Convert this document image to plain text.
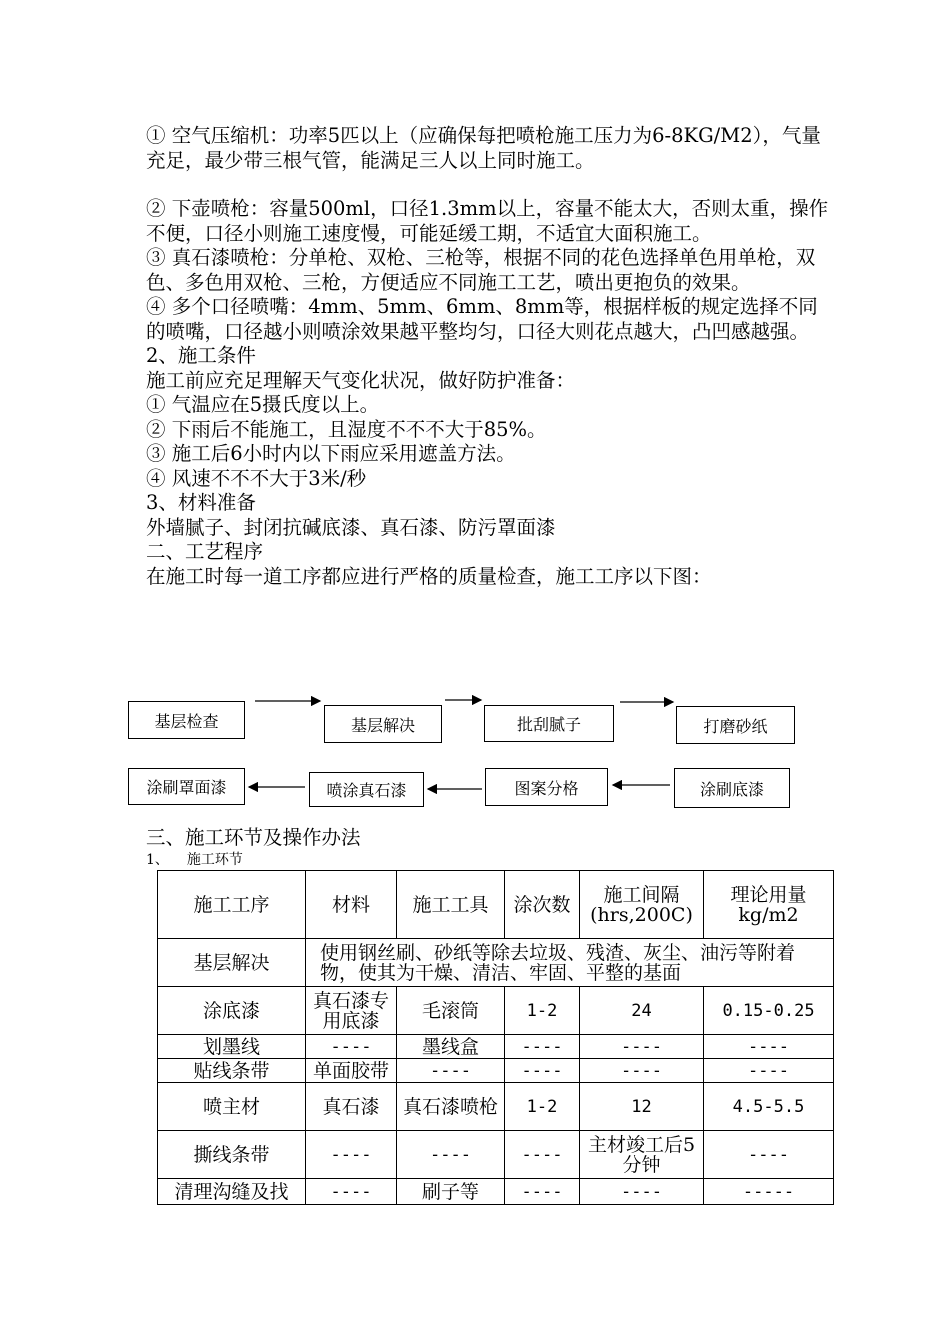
① 空气压缩机：功率5匹以上（应确保每把喷枪施工压力为6-8KG/M2），气量充足，最少带三根气管，能满足三人以上同时施工。

② 下壶喷枪：容量500ml，口径1.3mm以上，容量不能太大，否则太重，操作不便，口径小则施工速度慢，可能延缓工期，不适宜大面积施工。

③ 真石漆喷枪：分单枪、双枪、三枪等，根据不同的花色选择单色用单枪，双色、多色用双枪、三枪，方便适应不同施工工艺，喷出更抱负的效果。

④ 多个口径喷嘴：4mm、5mm、6mm、8mm等，根据样板的规定选择不同的喷嘴，口径越小则喷涂效果越平整均匀，口径大则花点越大，凸凹感越强。

2、施工条件

施工前应充足理解天气变化状况，做好防护准备：

① 气温应在5摄氏度以上。

② 下雨后不能施工，且湿度不不不大于85%。

③ 施工后6小时内以下雨应采用遮盖方法。

④ 风速不不不大于3米/秒

3、材料准备

外墙腻子、封闭抗碱底漆、真石漆、防污罩面漆

二、工艺程序

在施工时每一道工序都应进行严格的质量检查，施工工序以下图：

基层检查	基层解决	批刮腻子	打磨砂纸
涂刷底漆
图案分格
喷涂真石漆
涂刷罩面漆
三、施工环节及操作办法
1、 施工环节
施工工序	材料	施工工具	涂次数	施工间隔(hrs,200C)	理论用量kg/m2
基层解决	使用钢丝刷、砂纸等除去垃圾、残渣、灰尘、油污等附着物，使其为干燥、清洁、牢固、平整的基面				
涂底漆	真石漆专用底漆	毛滚筒	1-2	24	0.15-0.25
划墨线	----	墨线盒	----	----	----
贴线条带	单面胶带	----	----	----	----
喷主材	真石漆	真石漆喷枪	1-2	12	4.5-5.5
撕线条带	----	----	----	主材竣工后5分钟	----
清理沟缝及找	----	刷子等	----	----	-----
